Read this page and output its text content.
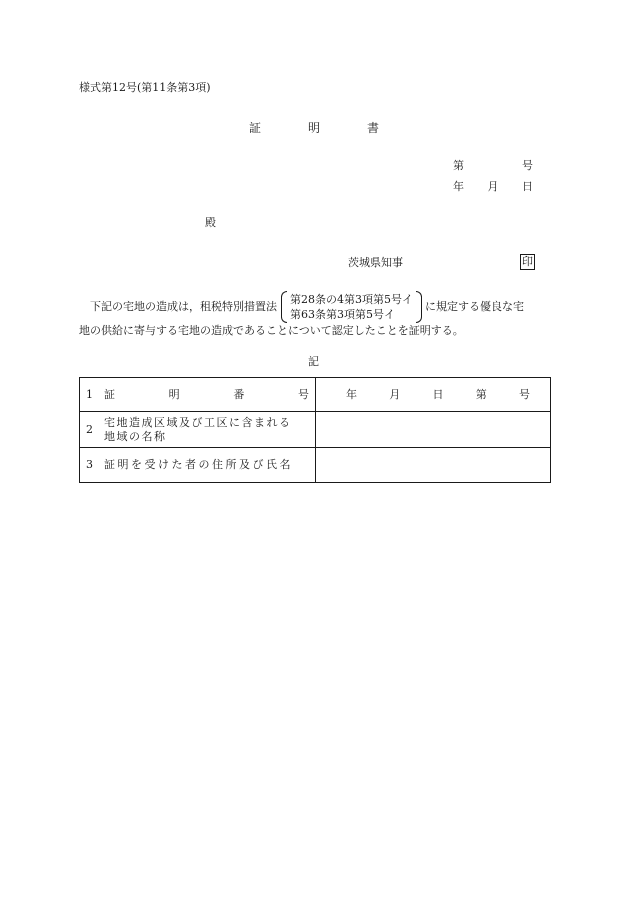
様式第12号(第11条第3項)
証	明	書
第	号
年 月 日
殿
茨城県知事	印
下記の宅地の造成は，租税特別措置法
第28条の4第3項第5号イ
第63条第3項第5号イ
に規定する優良な宅
地の供給に寄与する宅地の造成であることについて認定したことを証明する。
記
1 証 明 番 号	年 月 日 第 号

2
宅地造成区域及び工区に含まれる
地域の名称	

3 証明を受けた者の住所及び氏名	
